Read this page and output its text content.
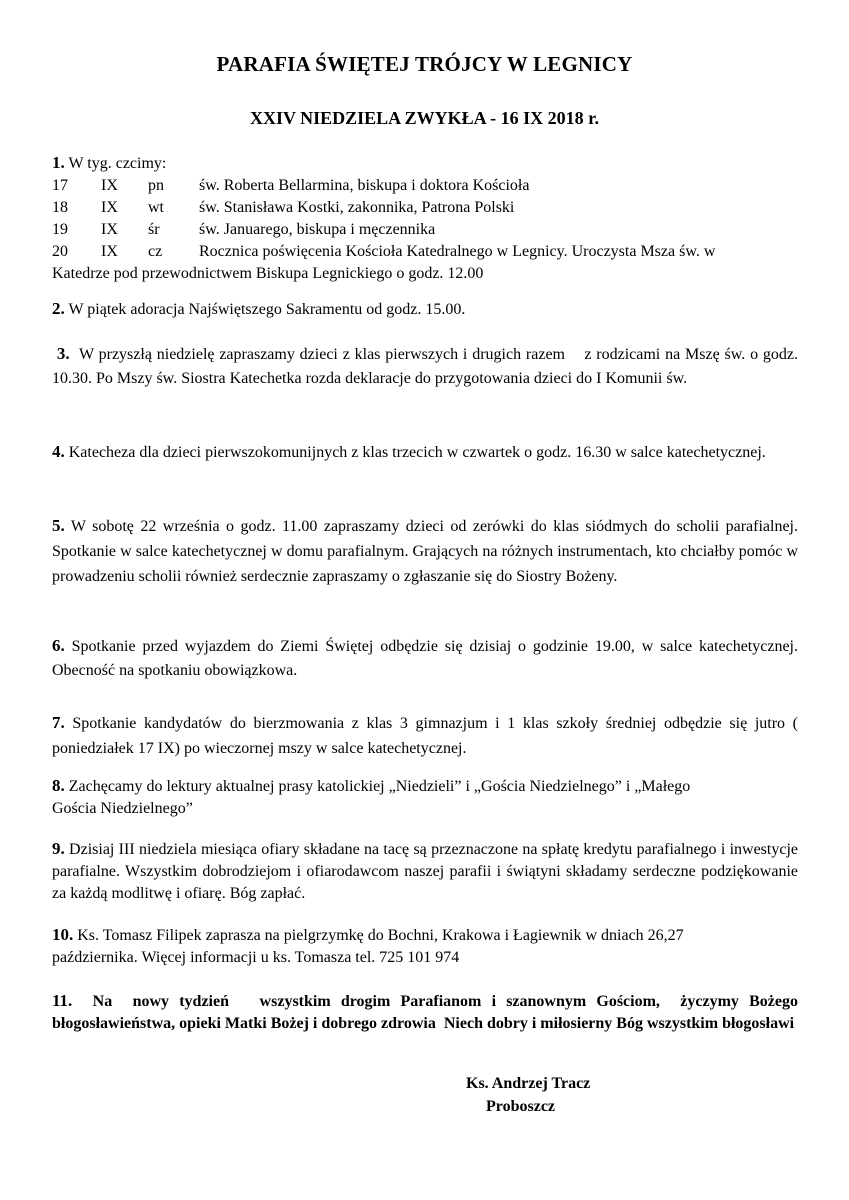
PARAFIA ŚWIĘTEJ TRÓJCY W LEGNICY
XXIV NIEDZIELA ZWYKŁA - 16 IX 2018 r.
1. W tyg. czcimy:
17	IX	pn	św. Roberta Bellarmina, biskupa i doktora Kościoła
18	IX	wt	św. Stanisława Kostki, zakonnika, Patrona Polski
19	IX	śr	św. Januarego, biskupa i męczennika
20	IX	cz	Rocznica poświęcenia Kościoła Katedralnego w Legnicy. Uroczysta Msza św. w
Katedrze pod przewodnictwem Biskupa Legnickiego o godz. 12.00
2. W piątek adoracja Najświętszego Sakramentu od godz. 15.00.
3.  W przyszłą niedzielę zapraszamy dzieci z klas pierwszych i drugich razem    z rodzicami na Mszę św. o godz. 10.30. Po Mszy św. Siostra Katechetka rozda deklaracje do przygotowania dzieci do I Komunii św.
4. Katecheza dla dzieci pierwszokomunijnych z klas trzecich w czwartek o godz. 16.30 w salce katechetycznej.
5. W sobotę 22 września o godz. 11.00 zapraszamy dzieci od zerówki do klas siódmych do scholii parafialnej. Spotkanie w salce katechetycznej w domu parafialnym. Grających na różnych instrumentach, kto chciałby pomóc w prowadzeniu scholii również serdecznie zapraszamy o zgłaszanie się do Siostry Bożeny.
6. Spotkanie przed wyjazdem do Ziemi Świętej odbędzie się dzisiaj o godzinie 19.00, w salce katechetycznej. Obecność na spotkaniu obowiązkowa.
7. Spotkanie kandydatów do bierzmowania z klas 3 gimnazjum i 1 klas szkoły średniej odbędzie się jutro ( poniedziałek 17 IX) po wieczornej mszy w salce katechetycznej.
8. Zachęcamy do lektury aktualnej prasy katolickiej „Niedzieli” i „Gościa Niedzielnego” i „Małego
Gościa Niedzielnego”
9. Dzisiaj III niedziela miesiąca ofiary składane na tacę są przeznaczone na spłatę kredytu parafialnego i inwestycje parafialne. Wszystkim dobrodziejom i ofiarodawcom naszej parafii i świątyni składamy serdeczne podziękowanie za każdą modlitwę i ofiarę. Bóg zapłać.
10. Ks. Tomasz Filipek zaprasza na pielgrzymkę do Bochni, Krakowa i Łagiewnik w dniach 26,27
października. Więcej informacji u ks. Tomasza tel. 725 101 974
11.  Na  nowy tydzień   wszystkim drogim Parafianom i szanownym Gościom,  życzymy Bożego błogosławieństwa, opieki Matki Bożej i dobrego zdrowia  Niech dobry i miłosierny Bóg wszystkim błogosławi
Ks. Andrzej Tracz
Proboszcz
